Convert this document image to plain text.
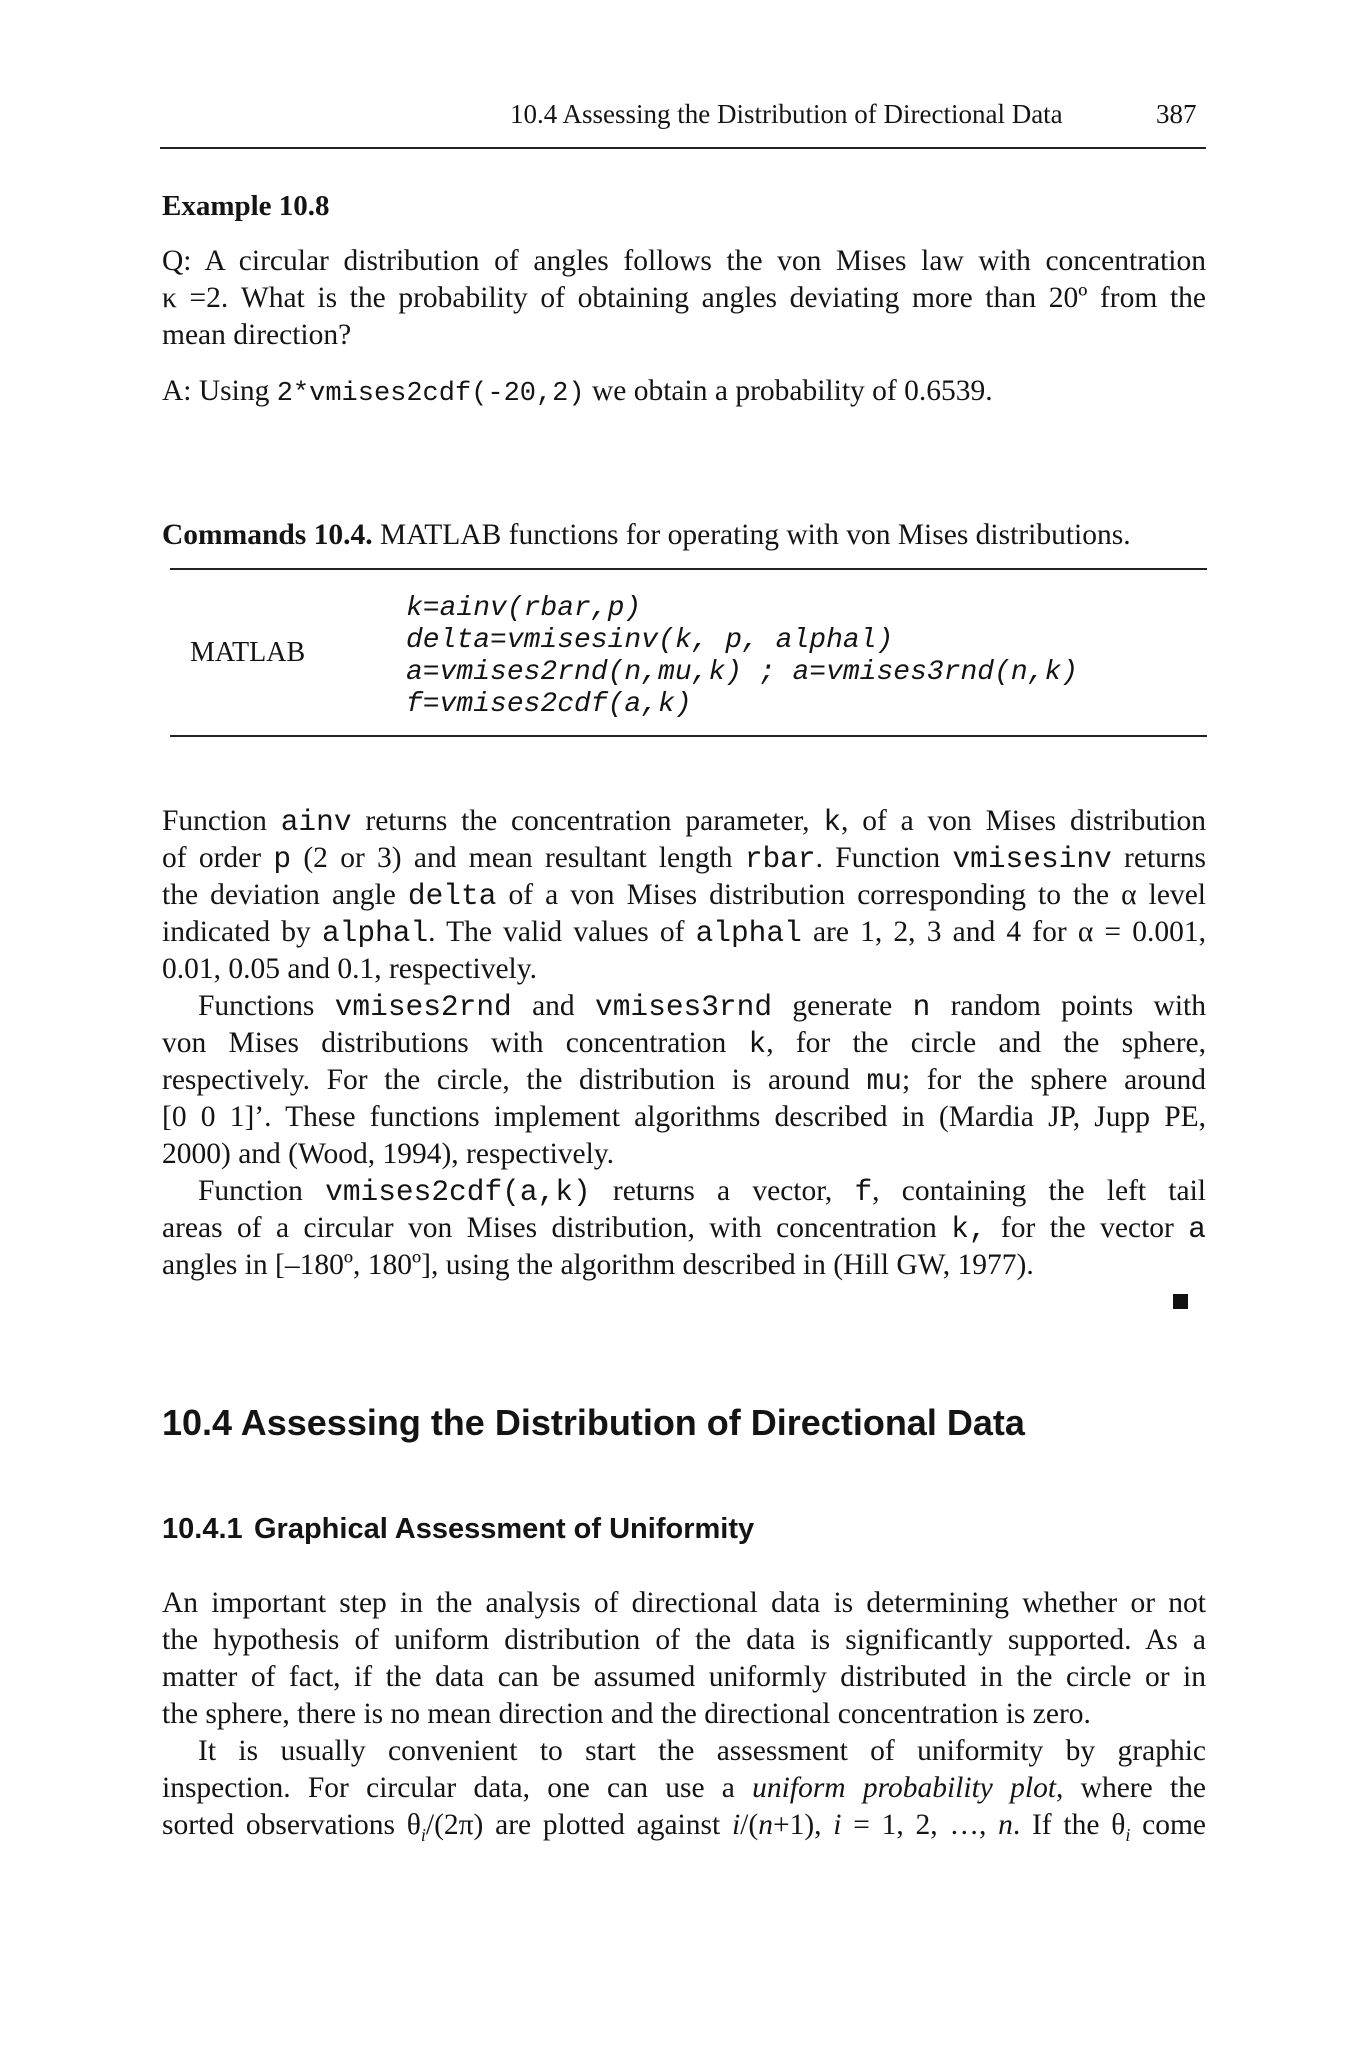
10.4 Assessing the Distribution of Directional Data	387
Example 10.8
Q: A circular distribution of angles follows the von Mises law with concentration
κ =2. What is the probability of obtaining angles deviating more than 20º from the
mean direction?
A: Using 2*vmises2cdf(-20,2) we obtain a probability of 0.6539.
Commands 10.4. MATLAB functions for operating with von Mises distributions.
MATLAB
k=ainv(rbar,p)
delta=vmisesinv(k, p, alphal)
a=vmises2rnd(n,mu,k) ; a=vmises3rnd(n,k)
f=vmises2cdf(a,k)
Function ainv returns the concentration parameter, k, of a von Mises distribution
of order p (2 or 3) and mean resultant length rbar. Function vmisesinv returns
the deviation angle delta of a von Mises distribution corresponding to the α level
indicated by alphal. The valid values of alphal are 1, 2, 3 and 4 for α = 0.001,
0.01, 0.05 and 0.1, respectively.
Functions vmises2rnd and vmises3rnd generate n random points with
von Mises distributions with concentration k, for the circle and the sphere,
respectively. For the circle, the distribution is around mu; for the sphere around
[0 0 1]’. These functions implement algorithms described in (Mardia JP, Jupp PE,
2000) and (Wood, 1994), respectively.
Function vmises2cdf(a,k) returns a vector, f, containing the left tail
areas of a circular von Mises distribution, with concentration k, for the vector a
angles in [–180º, 180º], using the algorithm described in (Hill GW, 1977).
10.4 Assessing the Distribution of Directional Data
10.4.1 Graphical Assessment of Uniformity
An important step in the analysis of directional data is determining whether or not
the hypothesis of uniform distribution of the data is significantly supported. As a
matter of fact, if the data can be assumed uniformly distributed in the circle or in
the sphere, there is no mean direction and the directional concentration is zero.
It is usually convenient to start the assessment of uniformity by graphic
inspection. For circular data, one can use a uniform probability plot, where the
sorted observations $\theta_i/(2\pi)$ are plotted against i/(n+1), i = 1, 2, …, n. If the $\theta_i$ come
